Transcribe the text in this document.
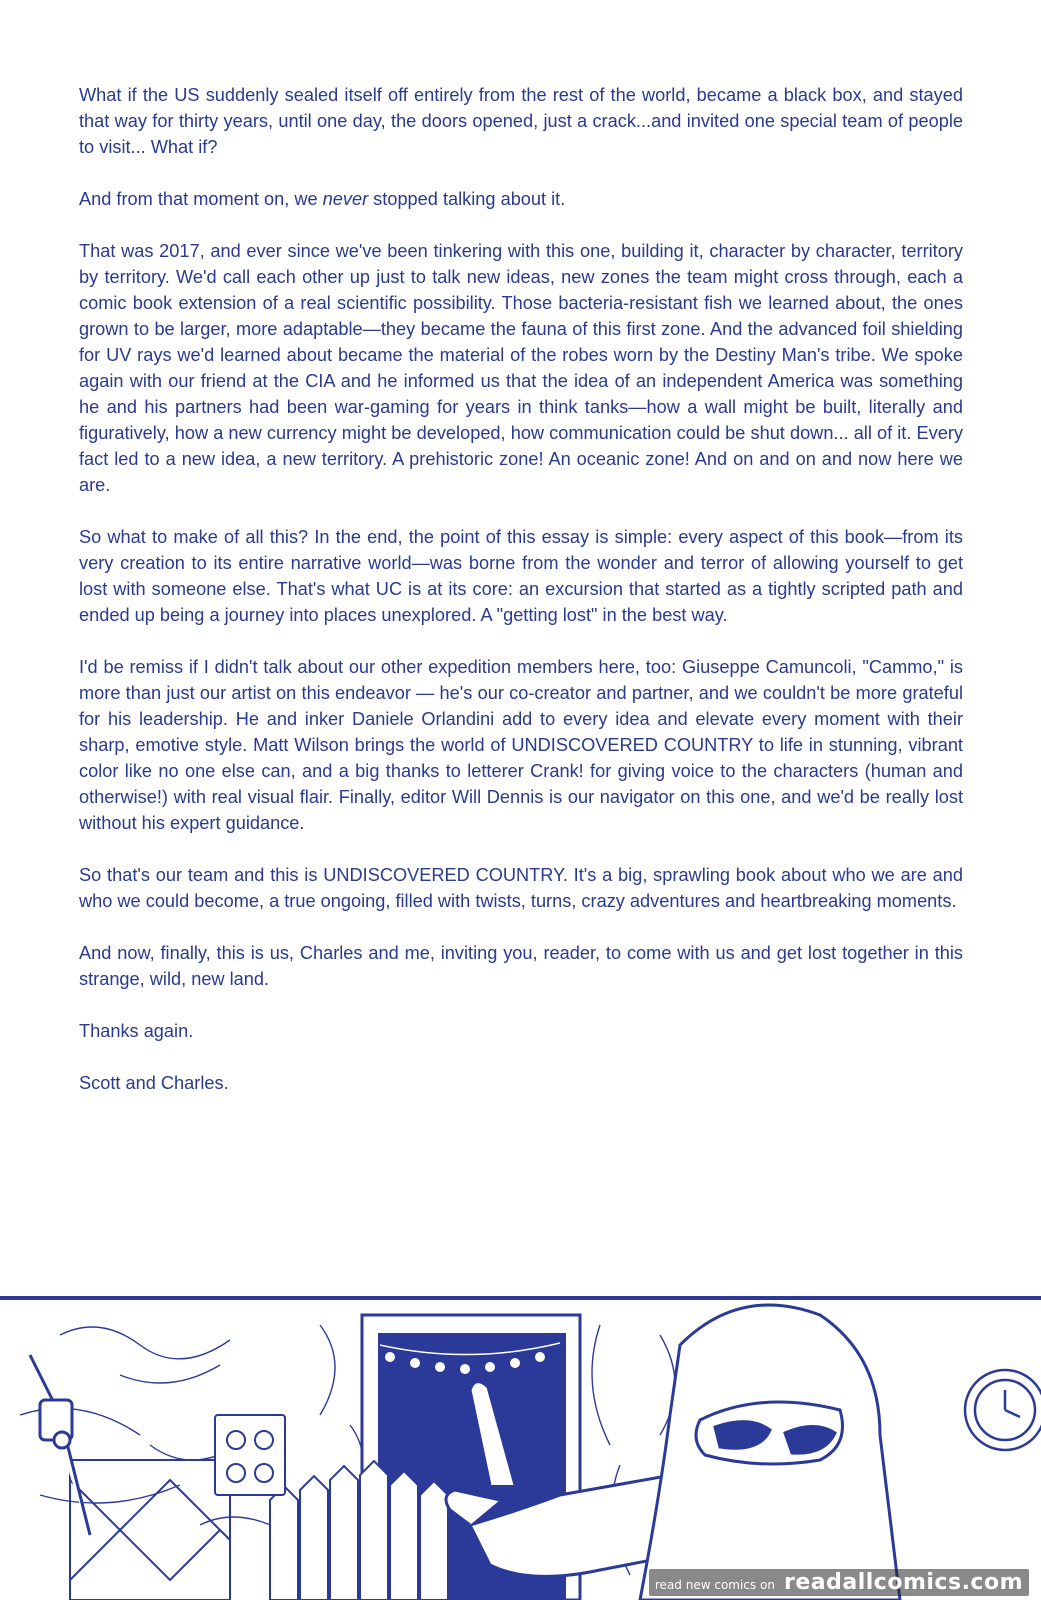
What if the US suddenly sealed itself off entirely from the rest of the world, became a black box, and stayed that way for thirty years, until one day, the doors opened, just a crack...and invited one special team of people to visit... What if?

And from that moment on, we never stopped talking about it.

That was 2017, and ever since we've been tinkering with this one, building it, character by character, territory by territory. We'd call each other up just to talk new ideas, new zones the team might cross through, each a comic book extension of a real scientific possibility. Those bacteria-resistant fish we learned about, the ones grown to be larger, more adaptable—they became the fauna of this first zone. And the advanced foil shielding for UV rays we'd learned about became the material of the robes worn by the Destiny Man's tribe. We spoke again with our friend at the CIA and he informed us that the idea of an independent America was something he and his partners had been war-gaming for years in think tanks—how a wall might be built, literally and figuratively, how a new currency might be developed, how communication could be shut down... all of it. Every fact led to a new idea, a new territory. A prehistoric zone! An oceanic zone! And on and on and now here we are.

So what to make of all this? In the end, the point of this essay is simple: every aspect of this book—from its very creation to its entire narrative world—was borne from the wonder and terror of allowing yourself to get lost with someone else. That's what UC is at its core: an excursion that started as a tightly scripted path and ended up being a journey into places unexplored. A "getting lost" in the best way.

I'd be remiss if I didn't talk about our other expedition members here, too: Giuseppe Camuncoli, "Cammo," is more than just our artist on this endeavor — he's our co-creator and partner, and we couldn't be more grateful for his leadership. He and inker Daniele Orlandini add to every idea and elevate every moment with their sharp, emotive style. Matt Wilson brings the world of UNDISCOVERED COUNTRY to life in stunning, vibrant color like no one else can, and a big thanks to letterer Crank! for giving voice to the characters (human and otherwise!) with real visual flair. Finally, editor Will Dennis is our navigator on this one, and we'd be really lost without his expert guidance.

So that's our team and this is UNDISCOVERED COUNTRY. It's a big, sprawling book about who we are and who we could become, a true ongoing, filled with twists, turns, crazy adventures and heartbreaking moments.

And now, finally, this is us, Charles and me, inviting you, reader, to come with us and get lost together in this strange, wild, new land.

Thanks again.

Scott and Charles.

read new comics on readallcomics.com
